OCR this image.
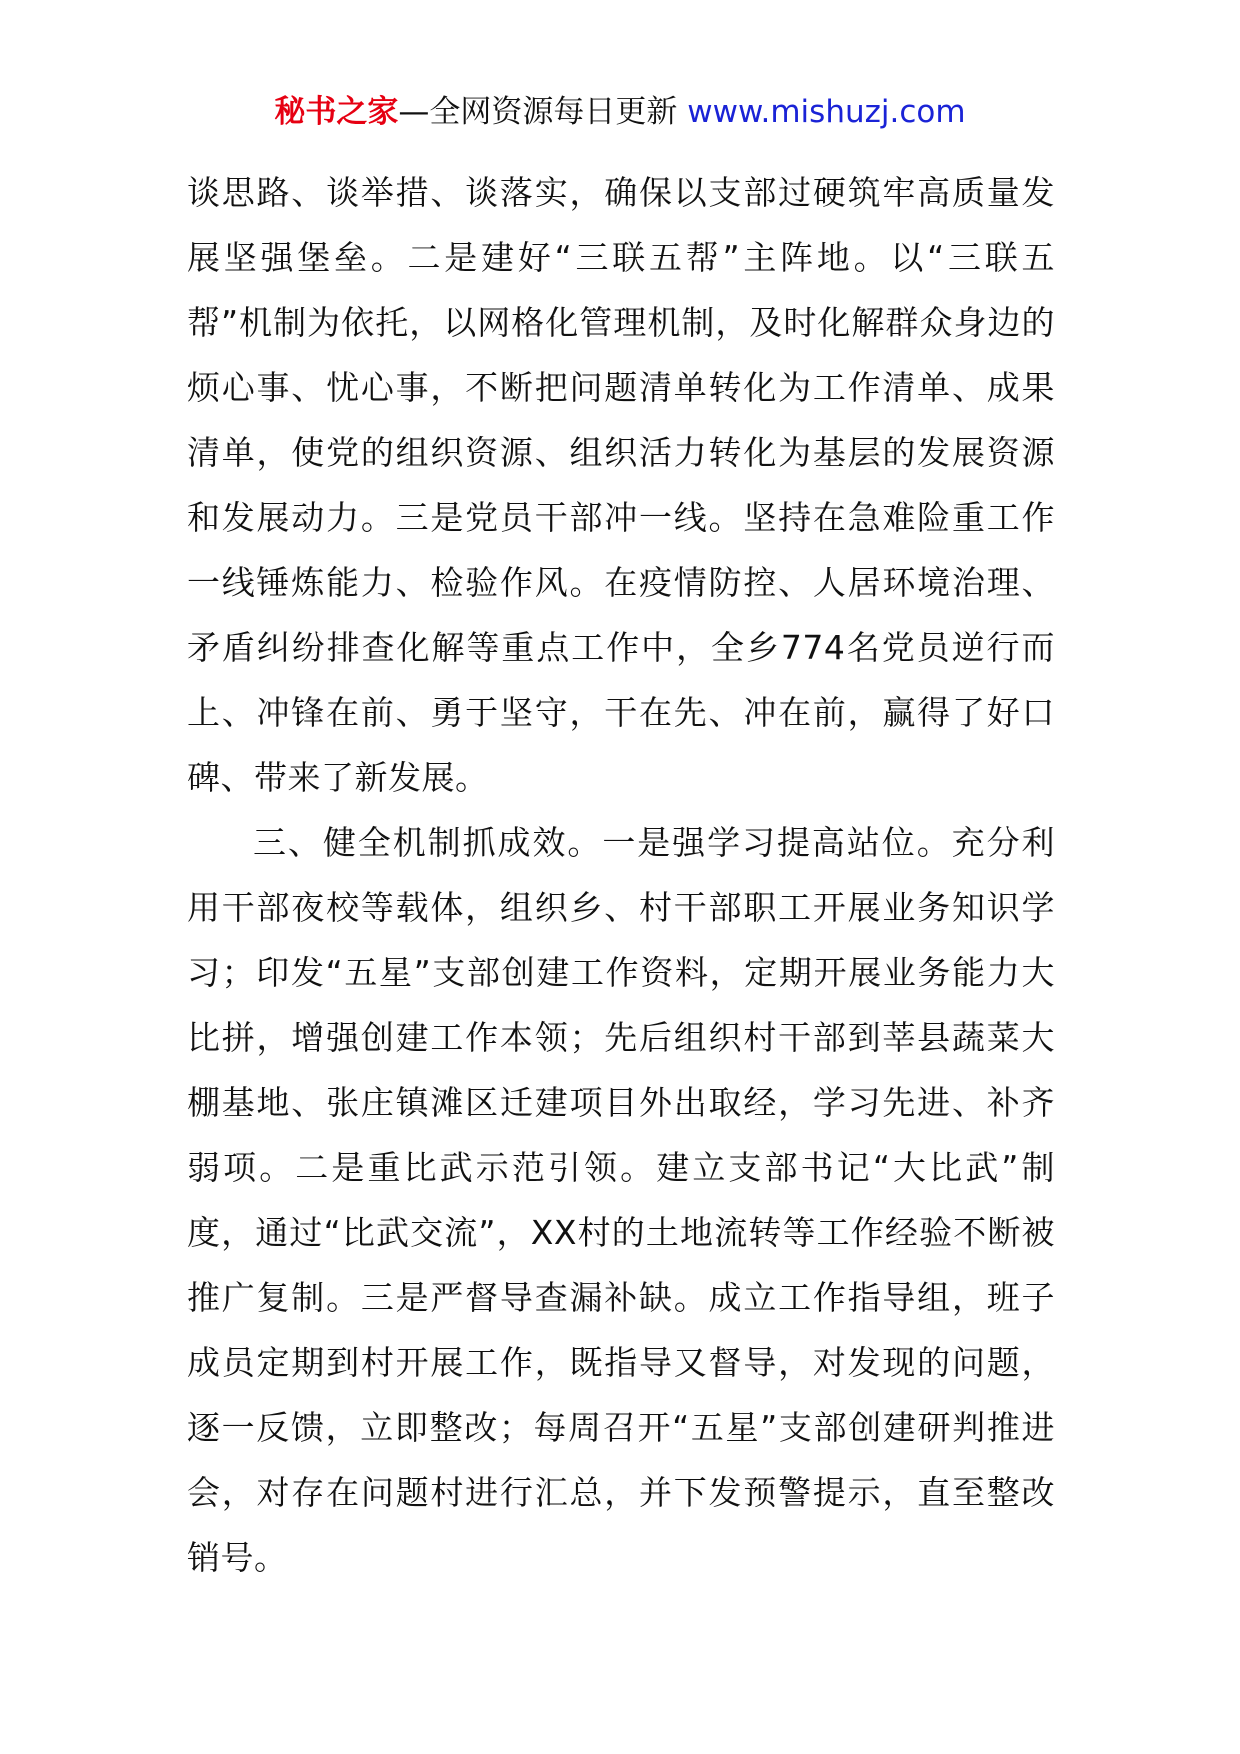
秘书之家—全网资源每日更新 www.mishuzj.com

谈思路、谈举措、谈落实，确保以支部过硬筑牢高质量发展坚强堡垒。二是建好“三联五帮”主阵地。以“三联五帮”机制为依托，以网格化管理机制，及时化解群众身边的烦心事、忧心事，不断把问题清单转化为工作清单、成果清单，使党的组织资源、组织活力转化为基层的发展资源和发展动力。三是党员干部冲一线。坚持在急难险重工作一线锤炼能力、检验作风。在疫情防控、人居环境治理、矛盾纠纷排查化解等重点工作中，全乡774名党员逆行而上、冲锋在前、勇于坚守，干在先、冲在前，赢得了好口碑、带来了新发展。

三、健全机制抓成效。一是强学习提高站位。充分利用干部夜校等载体，组织乡、村干部职工开展业务知识学习；印发“五星”支部创建工作资料，定期开展业务能力大比拼，增强创建工作本领；先后组织村干部到莘县蔬菜大棚基地、张庄镇滩区迁建项目外出取经，学习先进、补齐弱项。二是重比武示范引领。建立支部书记“大比武”制度，通过“比武交流”，XX村的土地流转等工作经验不断被推广复制。三是严督导查漏补缺。成立工作指导组，班子成员定期到村开展工作，既指导又督导，对发现的问题，逐一反馈，立即整改；每周召开“五星”支部创建研判推进会，对存在问题村进行汇总，并下发预警提示，直至整改销号。
